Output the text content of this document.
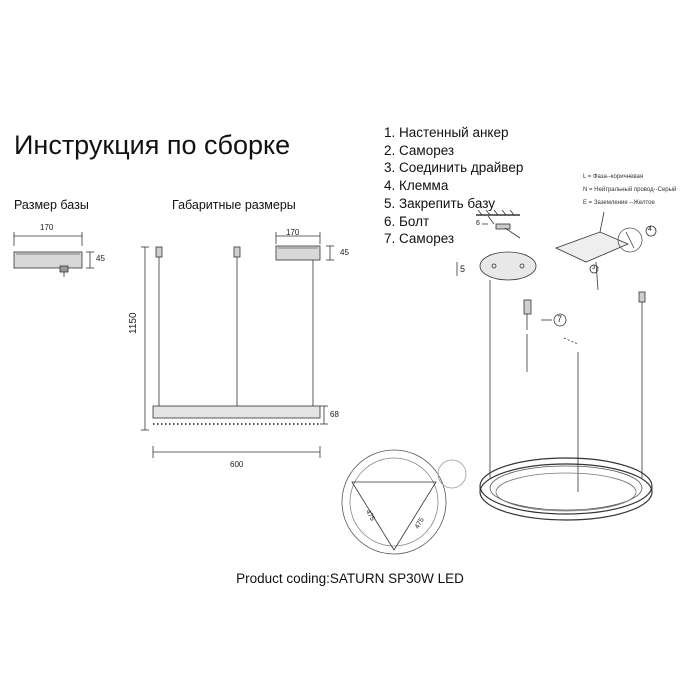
Инструкция по сборке
Размер базы	Габаритные размеры
1. Настенный анкер
2. Саморез
3. Соединить драйвер
4. Клемма
5. Закрепить базу
6. Болт
7. Саморез
170
45
170
45
1150
68
600
475
475
L = Фаза--коричневая
N = Нейтральный провод--Серый
E = Заземление --Желтое
5
6
7
4
3
Product coding:SATURN SP30W LED
